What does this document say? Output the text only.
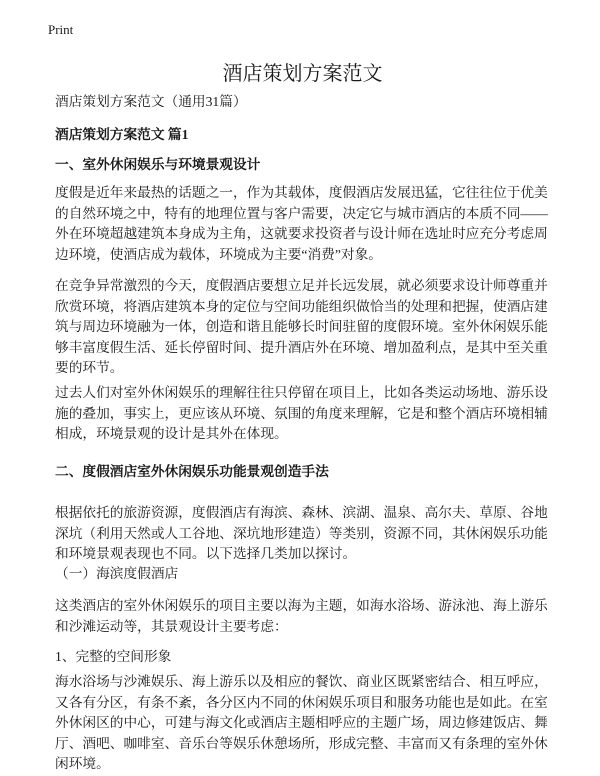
Print
酒店策划方案范文

酒店策划方案范文（通用31篇）

酒店策划方案范文 篇1

一、室外休闲娱乐与环境景观设计

度假是近年来最热的话题之一，作为其载体，度假酒店发展迅猛，它往往位于优美的自然环境之中，特有的地理位置与客户需要，决定它与城市酒店的本质不同——外在环境超越建筑本身成为主角，这就要求投资者与设计师在选址时应充分考虑周边环境，使酒店成为载体，环境成为主要“消费”对象。

在竞争异常激烈的今天，度假酒店要想立足并长远发展，就必须要求设计师尊重并欣赏环境，将酒店建筑本身的定位与空间功能组织做恰当的处理和把握，使酒店建筑与周边环境融为一体，创造和谐且能够长时间驻留的度假环境。室外休闲娱乐能够丰富度假生活、延长停留时间、提升酒店外在环境、增加盈利点，是其中至关重要的环节。

过去人们对室外休闲娱乐的理解往往只停留在项目上，比如各类运动场地、游乐设施的叠加，事实上，更应该从环境、氛围的角度来理解，它是和整个酒店环境相辅相成，环境景观的设计是其外在体现。

二、度假酒店室外休闲娱乐功能景观创造手法

根据依托的旅游资源，度假酒店有海滨、森林、滨湖、温泉、高尔夫、草原、谷地深坑（利用天然或人工谷地、深坑地形建造）等类别，资源不同，其休闲娱乐功能和环境景观表现也不同。以下选择几类加以探讨。

（一）海滨度假酒店

这类酒店的室外休闲娱乐的项目主要以海为主题，如海水浴场、游泳池、海上游乐和沙滩运动等，其景观设计主要考虑：

1、完整的空间形象

海水浴场与沙滩娱乐、海上游乐以及相应的餐饮、商业区既紧密结合、相互呼应，又各有分区，有条不紊，各分区内不同的休闲娱乐项目和服务功能也是如此。在室外休闲区的中心，可建与海文化或酒店主题相呼应的主题广场，周边修建饭店、舞厅、酒吧、咖啡室、音乐台等娱乐休憩场所，形成完整、丰富而又有条理的室外休闲环境。
